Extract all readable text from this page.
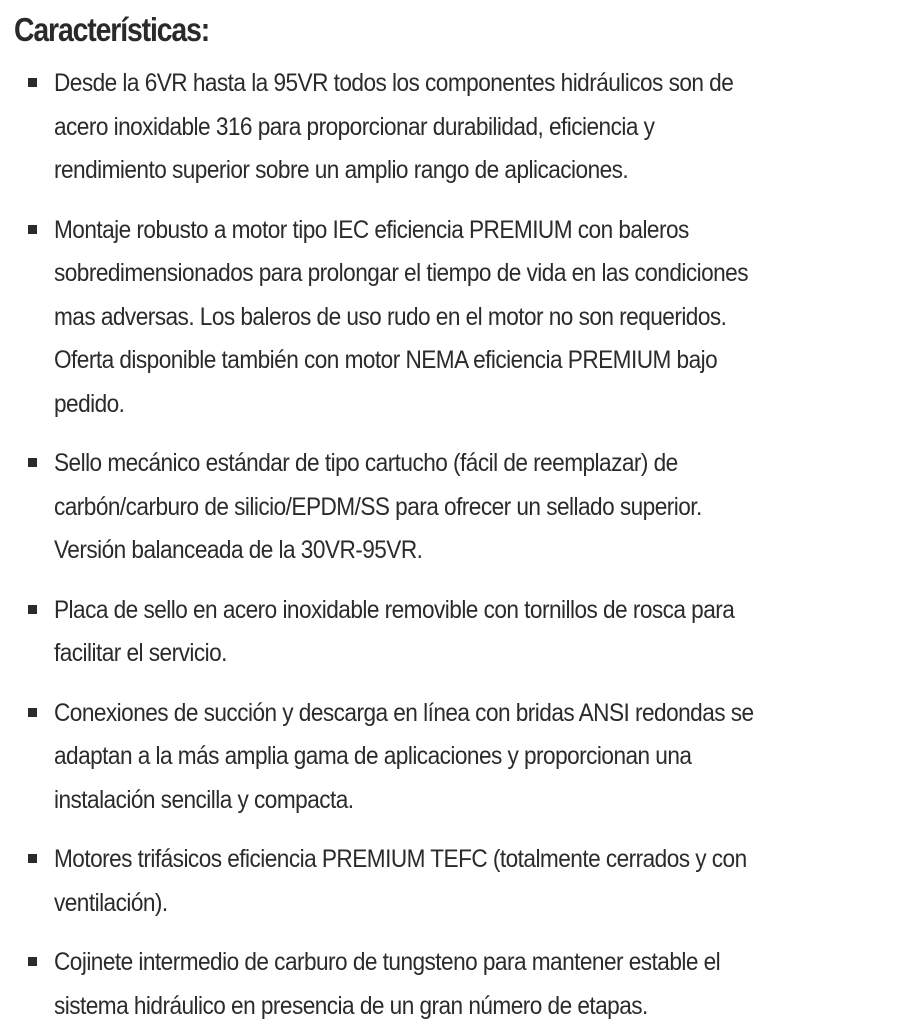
Características:
Desde la 6VR hasta la 95VR todos los componentes hidráulicos son de
acero inoxidable 316 para proporcionar durabilidad, eficiencia y
rendimiento superior sobre un amplio rango de aplicaciones.
Montaje robusto a motor tipo IEC eficiencia PREMIUM con baleros
sobredimensionados para prolongar el tiempo de vida en las condiciones
mas adversas. Los baleros de uso rudo en el motor no son requeridos.
Oferta disponible también con motor NEMA eficiencia PREMIUM bajo
pedido.
Sello mecánico estándar de tipo cartucho (fácil de reemplazar) de
carbón/carburo de silicio/EPDM/SS para ofrecer un sellado superior.
Versión balanceada de la 30VR-95VR.
Placa de sello en acero inoxidable removible con tornillos de rosca para
facilitar el servicio.
Conexiones de succión y descarga en línea con bridas ANSI redondas se
adaptan a la más amplia gama de aplicaciones y proporcionan una
instalación sencilla y compacta.
Motores trifásicos eficiencia PREMIUM TEFC (totalmente cerrados y con
ventilación).
Cojinete intermedio de carburo de tungsteno para mantener estable el
sistema hidráulico en presencia de un gran número de etapas.
